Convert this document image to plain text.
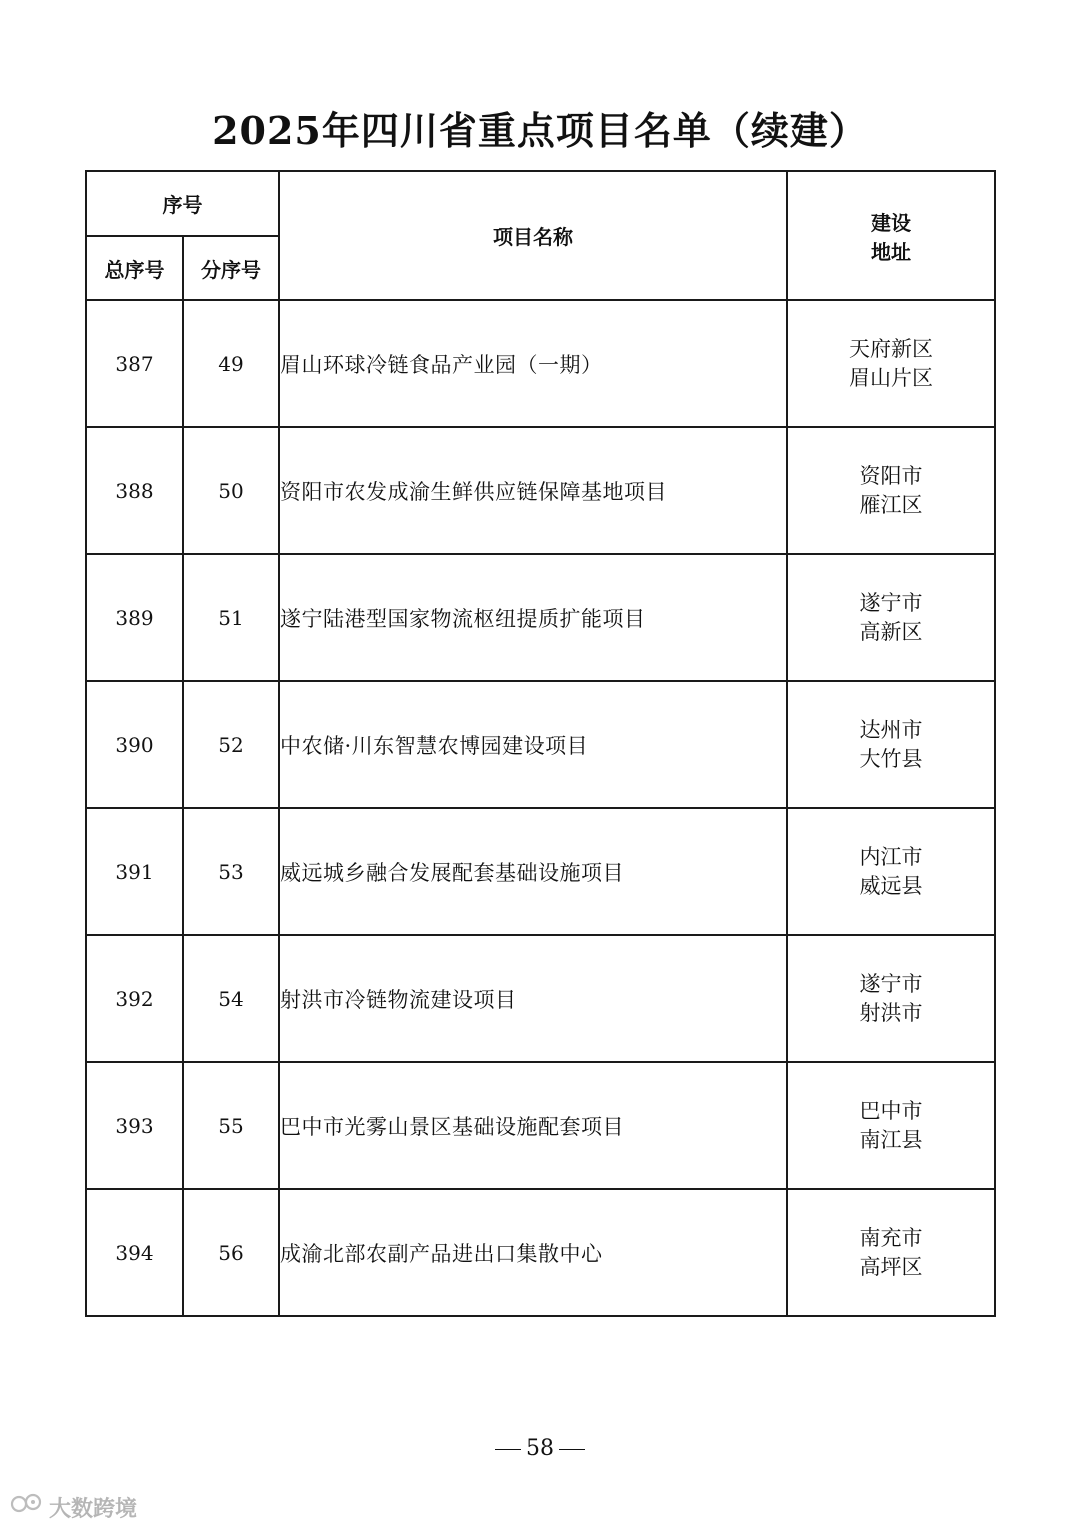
2025年四川省重点项目名单（续建）
序号		项目名称	建设
地址

总序号	分序号		
387	49	眉山环球冷链食品产业园（一期）	天府新区
眉山片区

388	50	资阳市农发成渝生鲜供应链保障基地项目	资阳市
雁江区

389	51	遂宁陆港型国家物流枢纽提质扩能项目	遂宁市
高新区

390	52	中农储·川东智慧农博园建设项目	达州市
大竹县

391	53	威远城乡融合发展配套基础设施项目	内江市
威远县

392	54	射洪市冷链物流建设项目	遂宁市
射洪市

393	55	巴中市光雾山景区基础设施配套项目	巴中市
南江县

394	56	成渝北部农副产品进出口集散中心	南充市
高坪区
58
大数跨境
